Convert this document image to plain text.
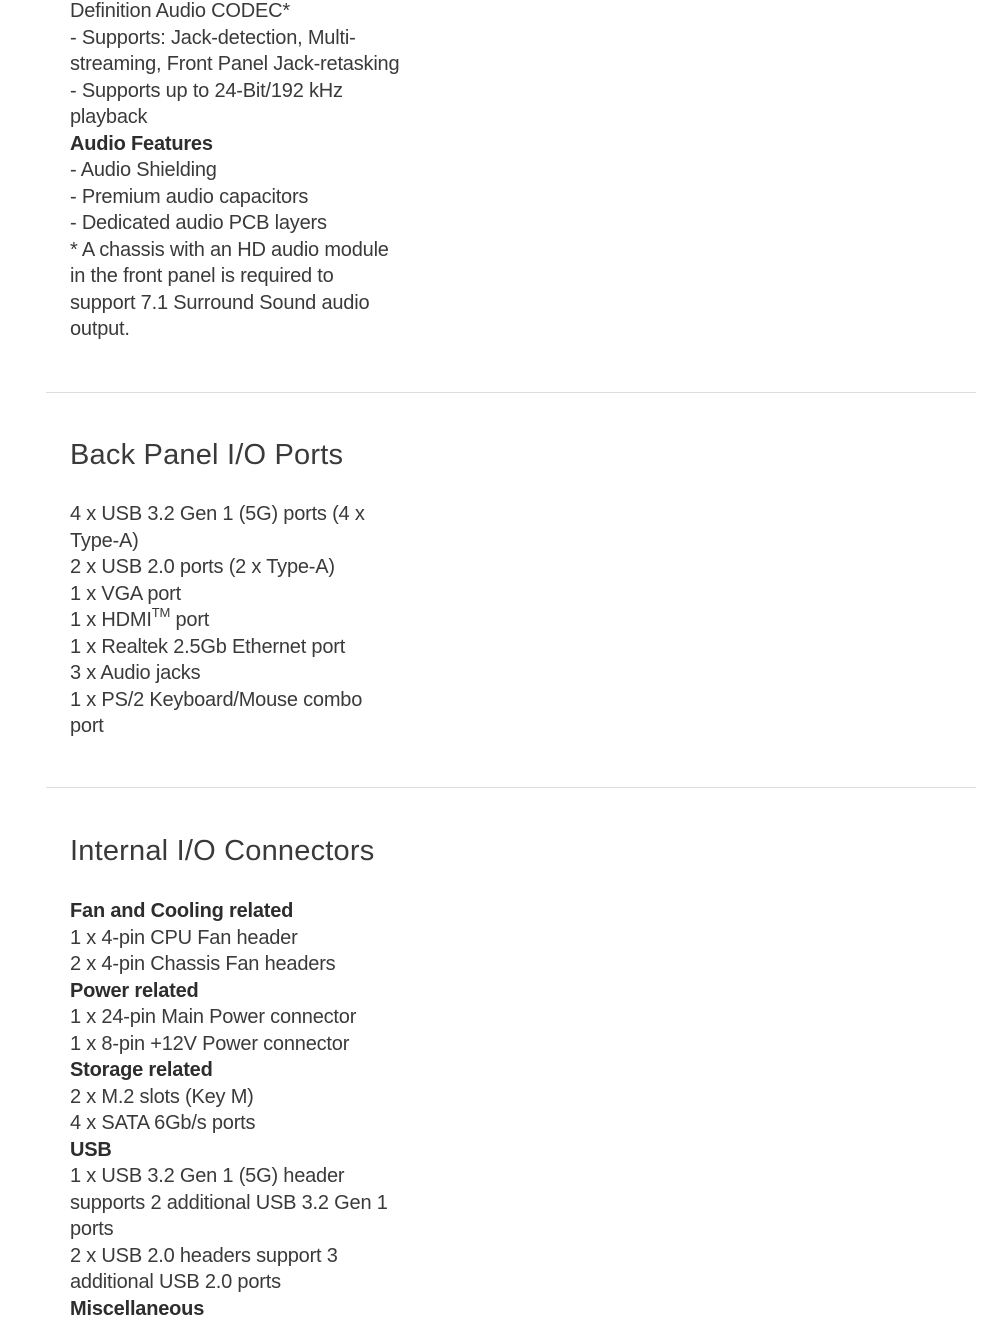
Definition Audio CODEC*
- Supports: Jack-detection, Multi-
streaming, Front Panel Jack-retasking
- Supports up to 24-Bit/192 kHz
playback
Audio Features
- Audio Shielding
- Premium audio capacitors
- Dedicated audio PCB layers
* A chassis with an HD audio module
in the front panel is required to
support 7.1 Surround Sound audio
output.
Back Panel I/O Ports
4 x USB 3.2 Gen 1 (5G) ports (4 x
Type-A)
2 x USB 2.0 ports (2 x Type-A)
1 x VGA port
1 x HDMI™ port
1 x Realtek 2.5Gb Ethernet port
3 x Audio jacks
1 x PS/2 Keyboard/Mouse combo
port
Internal I/O Connectors
Fan and Cooling related
1 x 4-pin CPU Fan header
2 x 4-pin Chassis Fan headers
Power related
1 x 24-pin Main Power connector
1 x 8-pin +12V Power connector
Storage related
2 x M.2 slots (Key M)
4 x SATA 6Gb/s ports
USB
1 x USB 3.2 Gen 1 (5G) header
supports 2 additional USB 3.2 Gen 1
ports
2 x USB 2.0 headers support 3
additional USB 2.0 ports
Miscellaneous
